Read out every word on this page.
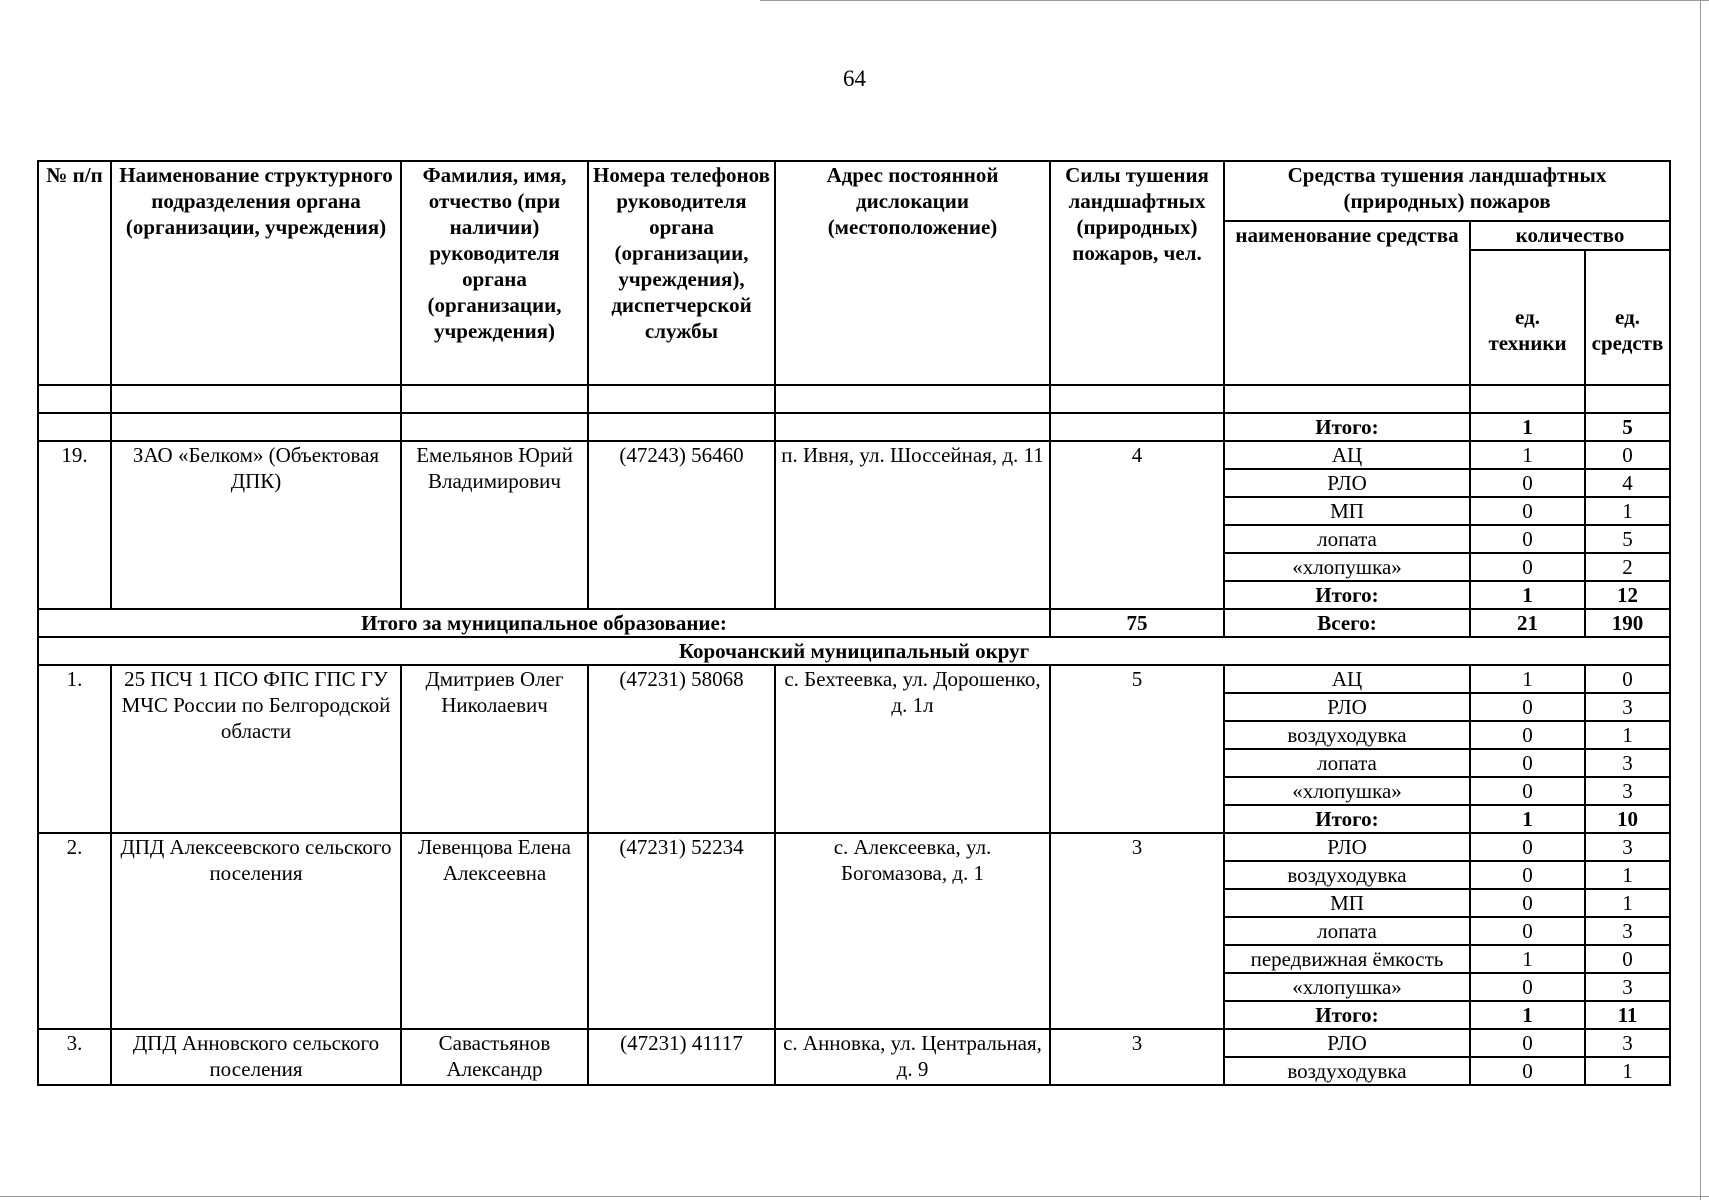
64
№ п/п	Наименование структурного подразделения органа (организации, учреждения)	Фамилия, имя, отчество (при наличии) руководителя органа (организации, учреждения)	Номера телефонов руководителя органа (организации, учреждения), диспетчерской службы	Адрес постоянной дислокации (местоположение)	Силы тушения ландшафтных (природных) пожаров, чел.	Средства тушения ландшафтных (природных) пожаров		
						наименование средства	количество	
							ед. техники	ед. средств

						Итого:	1	5
19.	ЗАО «Белком» (Объектовая ДПК)	Емельянов Юрий Владимирович	(47243) 56460	п. Ивня, ул. Шоссейная, д. 11	4	АЦ	1	0
						РЛО	0	4
						МП	0	1
						лопата	0	5
						«хлопушка»	0	2
						Итого:	1	12
Итого за муниципальное образование:					75	Всего:	21	190
Корочанский муниципальный округ								
1.	25 ПСЧ 1 ПСО ФПС ГПС ГУ МЧС России по Белгородской области	Дмитриев Олег Николаевич	(47231) 58068	с. Бехтеевка, ул. Дорошенко, д. 1л	5	АЦ	1	0
						РЛО	0	3
						воздуходувка	0	1
						лопата	0	3
						«хлопушка»	0	3
						Итого:	1	10
2.	ДПД Алексеевского сельского поселения	Левенцова Елена Алексеевна	(47231) 52234	с. Алексеевка, ул. Богомазова, д. 1	3	РЛО	0	3
						воздуходувка	0	1
						МП	0	1
						лопата	0	3
						передвижная ёмкость	1	0
						«хлопушка»	0	3
						Итого:	1	11
3.	ДПД Анновского сельского поселения	Савастьянов Александр	(47231) 41117	с. Анновка, ул. Центральная, д. 9	3	РЛО	0	3
						воздуходувка	0	1
